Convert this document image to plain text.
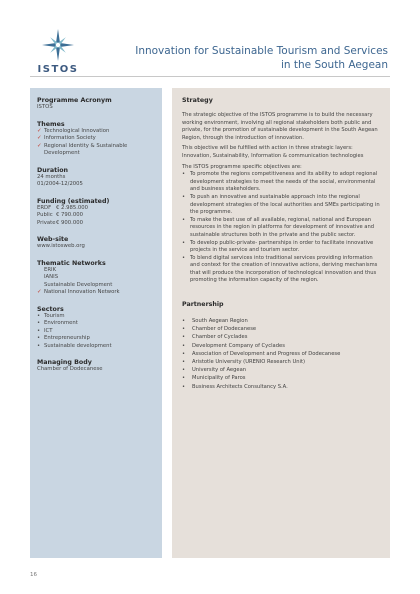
ISTOS
Innovation for Sustainable Tourism and Services in the South Aegean
Programme Acronym
ISTOS
Themes
✓ Technological Innovation
✓ Information Society
✓ Regional Identity & Sustainable Development
Duration
24 months
01/2004-12/2005
Funding (estimated)
ERDF € 2.985.000
Public € 790.000
Private € 900.000
Web-site
www.istosweb.org
Thematic Networks
ERIK
IANIS
Sustainable Development
✓ National Innovation Network
Sectors
• Tourism
• Environment
• ICT
• Entrepreneurship
• Sustainable development
Managing Body
Chamber of Dodecanese
Strategy

The strategic objective of the ISTOS programme is to build the necessary working environment, involving all regional stakeholders both public and private, for the promotion of sustainable development in the South Aegean Region, through the introduction of innovation.

This objective will be fulfilled with action in three strategic layers: Innovation, Sustainability, Information & communication technologies

The ISTOS programme specific objectives are:

• To promote the regions competitiveness and its ability to adopt regional development strategies to meet the needs of the social, environmental and business stakeholders.
• To push an innovative and sustainable approach into the regional development strategies of the local authorities and SMEs participating in the programme.
• To make the best use of all available, regional, national and European resources in the region in platforms for development of innovative and sustainable structures both in the private and the public sector.
• To develop public-private- partnerships in order to facilitate innovative projects in the service and tourism sector.
• To blend digital services into traditional services providing information and context for the creation of innovative actions, deriving mechanisms that will produce the incorporation of technological innovation and thus promoting the information capacity of the region.
Partnership
•	South Aegean Region
•	Chamber of Dodecanese
•	Chamber of Cyclades
•	Development Company of Cyclades
•	Association of Development and Progress of Dodecanese
•	Aristotle University (URENIO Research Unit)
•	University of Aegean
•	Municipality of Paros
•	Business Architects Consultancy S.A.
16
